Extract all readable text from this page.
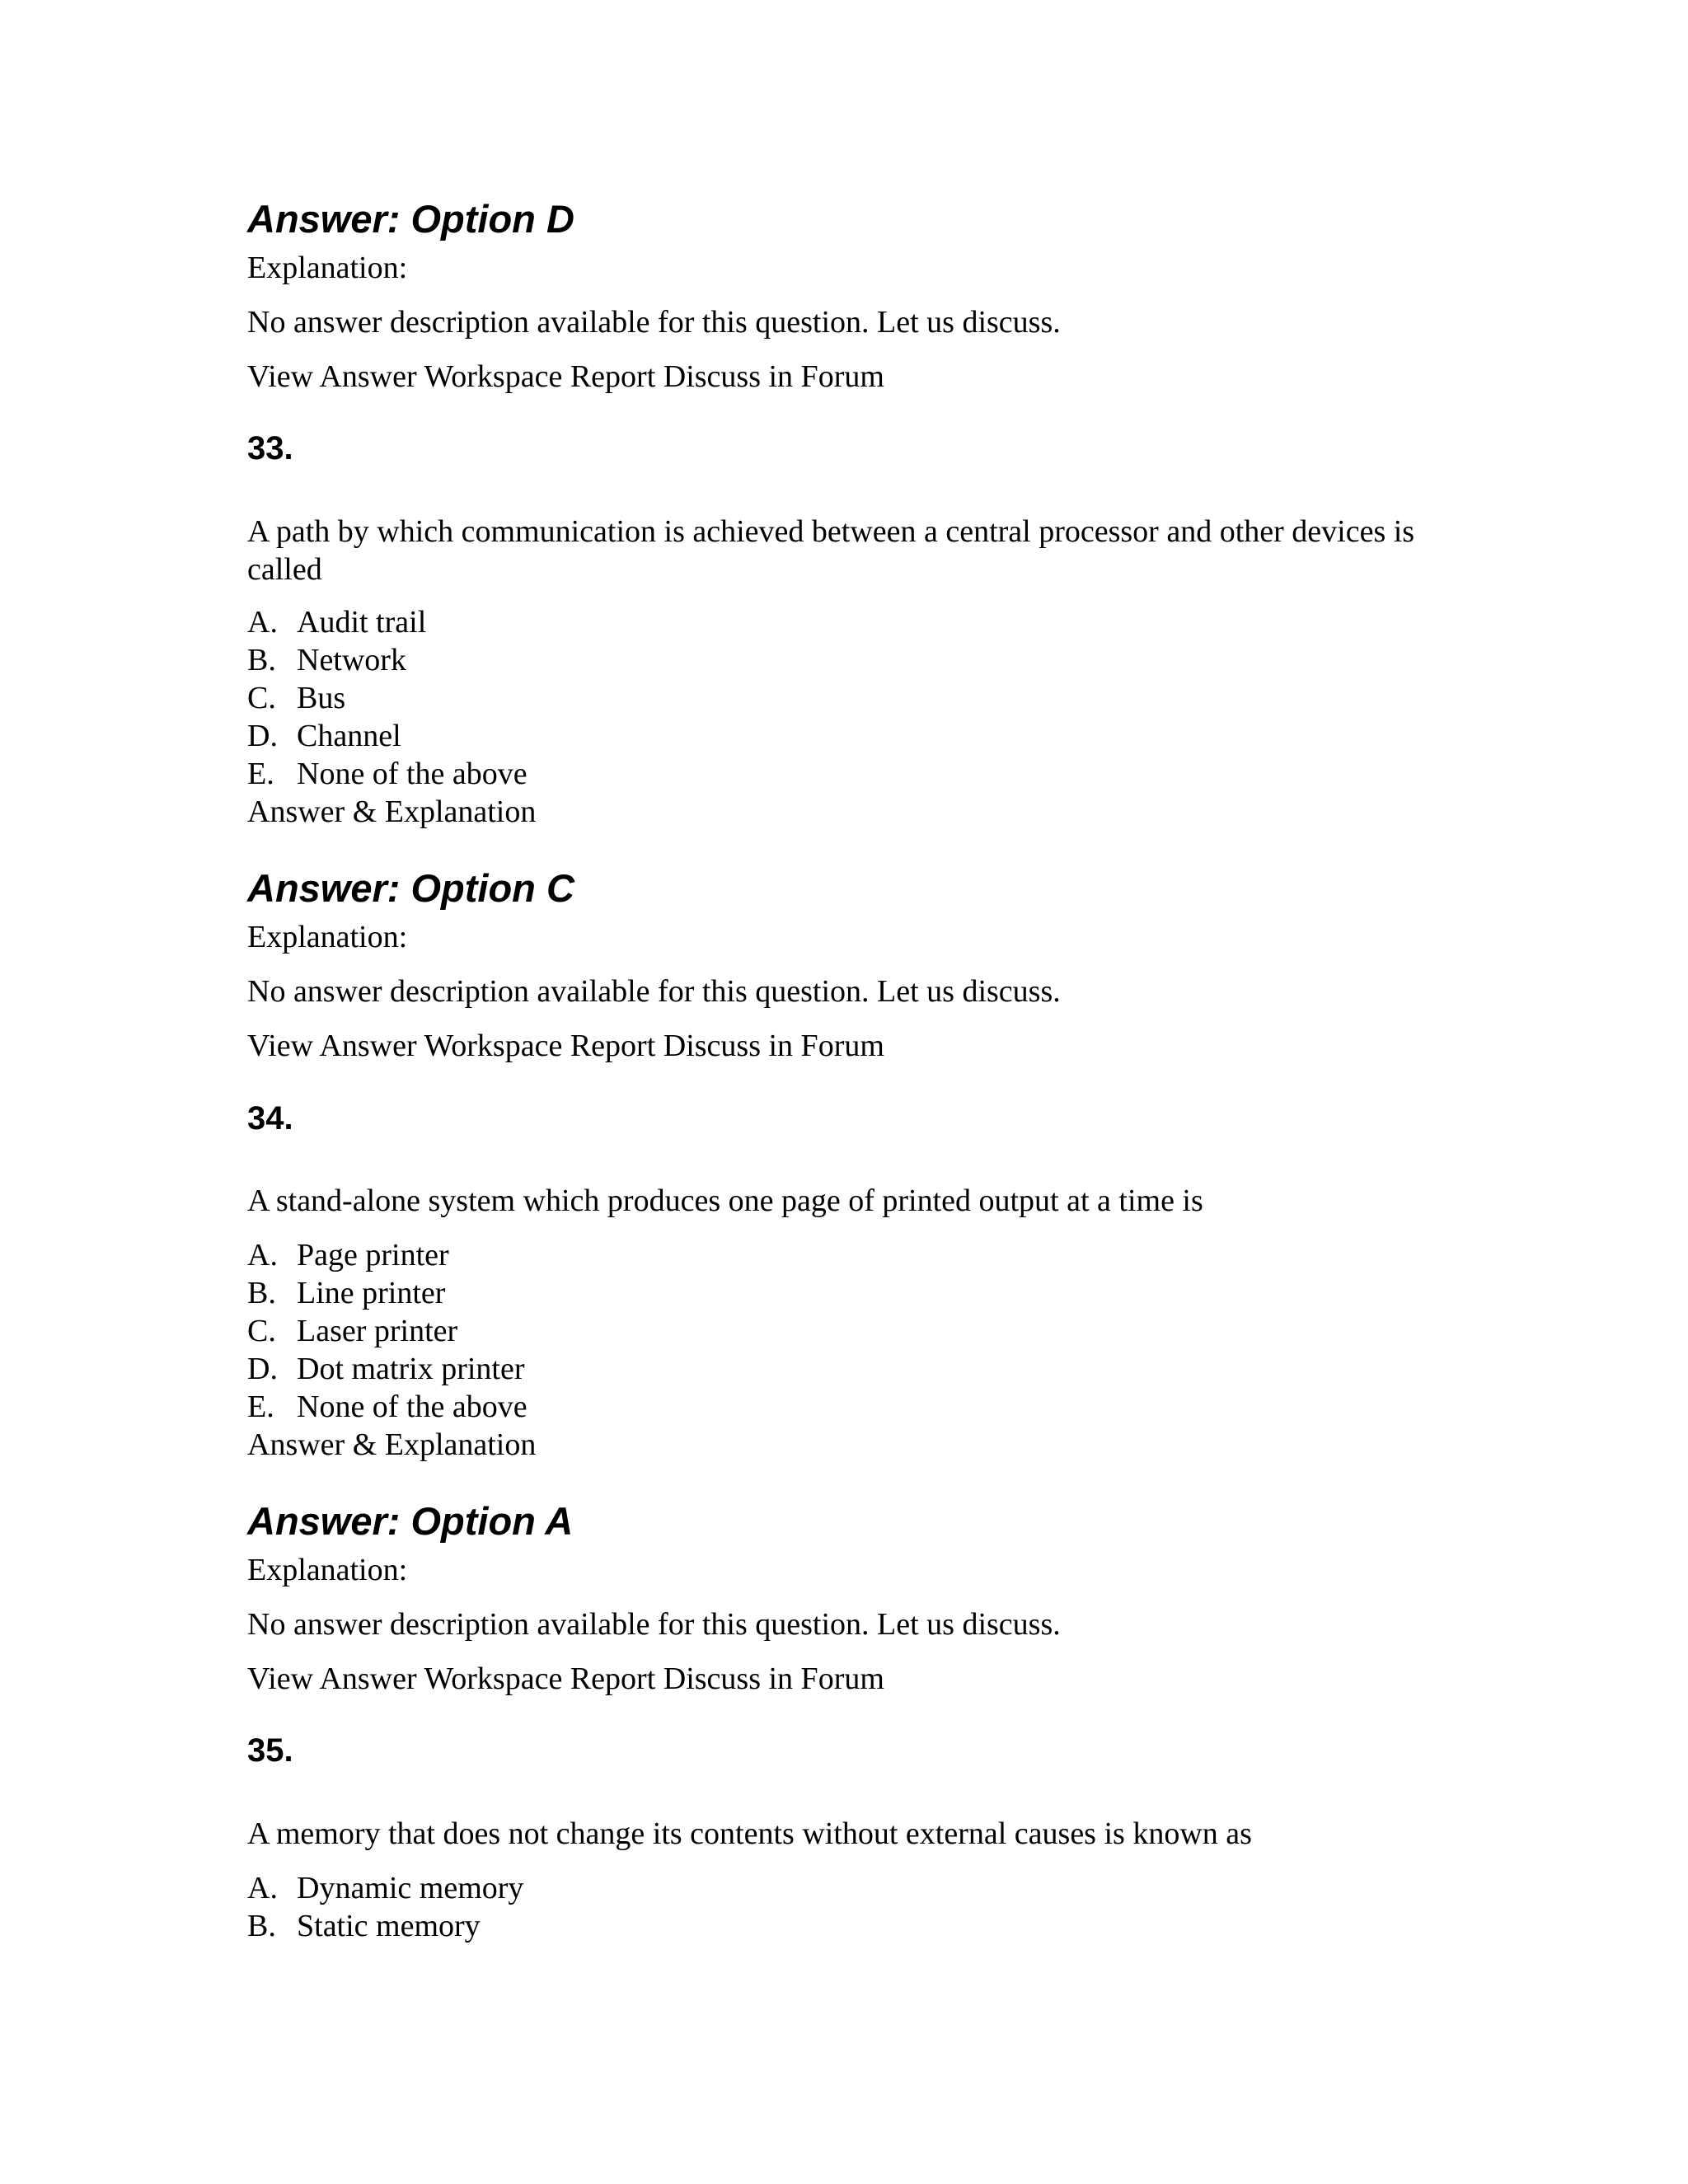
Answer: Option D

Explanation:

No answer description available for this question. Let us discuss.

View Answer Workspace Report Discuss in Forum

33.

A path by which communication is achieved between a central processor and other devices is called

A. Audit trail
B. Network
C. Bus
D. Channel
E. None of the above

Answer & Explanation

Answer: Option C

Explanation:

No answer description available for this question. Let us discuss.

View Answer Workspace Report Discuss in Forum

34.

A stand-alone system which produces one page of printed output at a time is

A. Page printer
B. Line printer
C. Laser printer
D. Dot matrix printer
E. None of the above

Answer & Explanation

Answer: Option A

Explanation:

No answer description available for this question. Let us discuss.

View Answer Workspace Report Discuss in Forum

35.

A memory that does not change its contents without external causes is known as

A. Dynamic memory
B. Static memory
